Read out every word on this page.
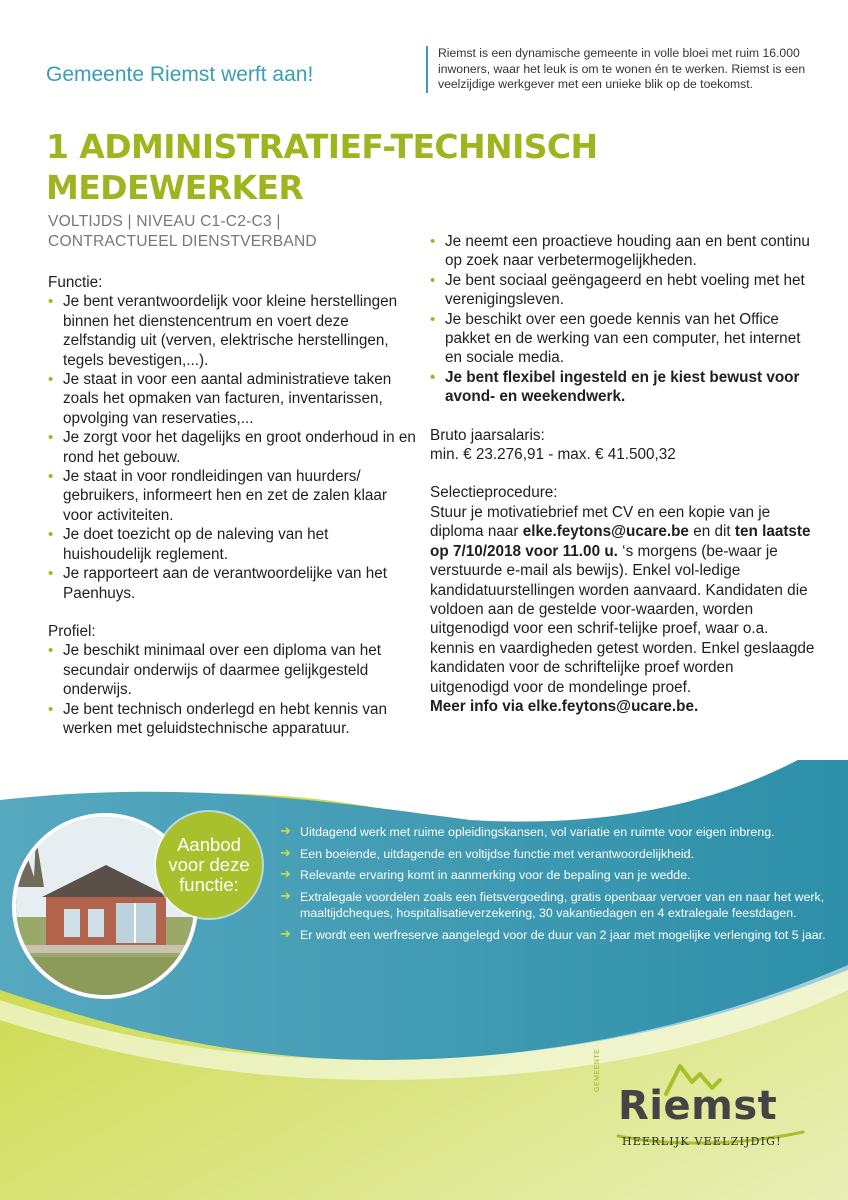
Gemeente Riemst werft aan!
Riemst is een dynamische gemeente in volle bloei met ruim 16.000 inwoners, waar het leuk is om te wonen én te werken. Riemst is een veelzijdige werkgever met een unieke blik op de toekomst.
1 ADMINISTRATIEF-TECHNISCH
MEDEWERKER
VOLTIJDS | NIVEAU C1-C2-C3 |
CONTRACTUEEL DIENSTVERBAND
Functie:
• Je bent verantwoordelijk voor kleine herstellingen binnen het dienstencentrum en voert deze zelfstandig uit (verven, elektrische herstellingen, tegels bevestigen,...).
• Je staat in voor een aantal administratieve taken zoals het opmaken van facturen, inventarissen, opvolging van reservaties,...
• Je zorgt voor het dagelijks en groot onderhoud in en rond het gebouw.
• Je staat in voor rondleidingen van huurders/ gebruikers, informeert hen en zet de zalen klaar voor activiteiten.
• Je doet toezicht op de naleving van het huishoudelijk reglement.
• Je rapporteert aan de verantwoordelijke van het Paenhuys.
Profiel:
• Je beschikt minimaal over een diploma van het secundair onderwijs of daarmee gelijkgesteld onderwijs.
• Je bent technisch onderlegd en hebt kennis van werken met geluidstechnische apparatuur.
• Je neemt een proactieve houding aan en bent continu op zoek naar verbetermogelijkheden.
• Je bent sociaal geëngageerd en hebt voeling met het verenigingsleven.
• Je beschikt over een goede kennis van het Office pakket en de werking van een computer, het internet en sociale media.
• Je bent flexibel ingesteld en je kiest bewust voor avond- en weekendwerk.
Bruto jaarsalaris:
min. € 23.276,91 - max. € 41.500,32
Selectieprocedure:
Stuur je motivatiebrief met CV en een kopie van je diploma naar elke.feytons@ucare.be en dit ten laatste op 7/10/2018 voor 11.00 u. ‘s morgens (be-waar je verstuurde e-mail als bewijs). Enkel vol-ledige kandidatuurstellingen worden aanvaard. Kandidaten die voldoen aan de gestelde voor-waarden, worden uitgenodigd voor een schrif-telijke proef, waar o.a. kennis en vaardigheden getest worden. Enkel geslaagde kandidaten voor de schriftelijke proef worden uitgenodigd voor de mondelinge proef.
Meer info via elke.feytons@ucare.be.
Aanbod
voor deze
functie:
➜ Uitdagend werk met ruime opleidingskansen, vol variatie en ruimte voor eigen inbreng.
➜ Een boeiende, uitdagende en voltijdse functie met verantwoordelijkheid.
➜ Relevante ervaring komt in aanmerking voor de bepaling van je wedde.
➜ Extralegale voordelen zoals een fietsvergoeding, gratis openbaar vervoer van en naar het werk, maaltijdcheques, hospitalisatieverzekering, 30 vakantiedagen en 4 extralegale feestdagen.
➜ Er wordt een werfreserve aangelegd voor de duur van 2 jaar met mogelijke verlenging tot 5 jaar.
GEMEENTE
Riemst
HEERLIJK VEELZIJDIG!
